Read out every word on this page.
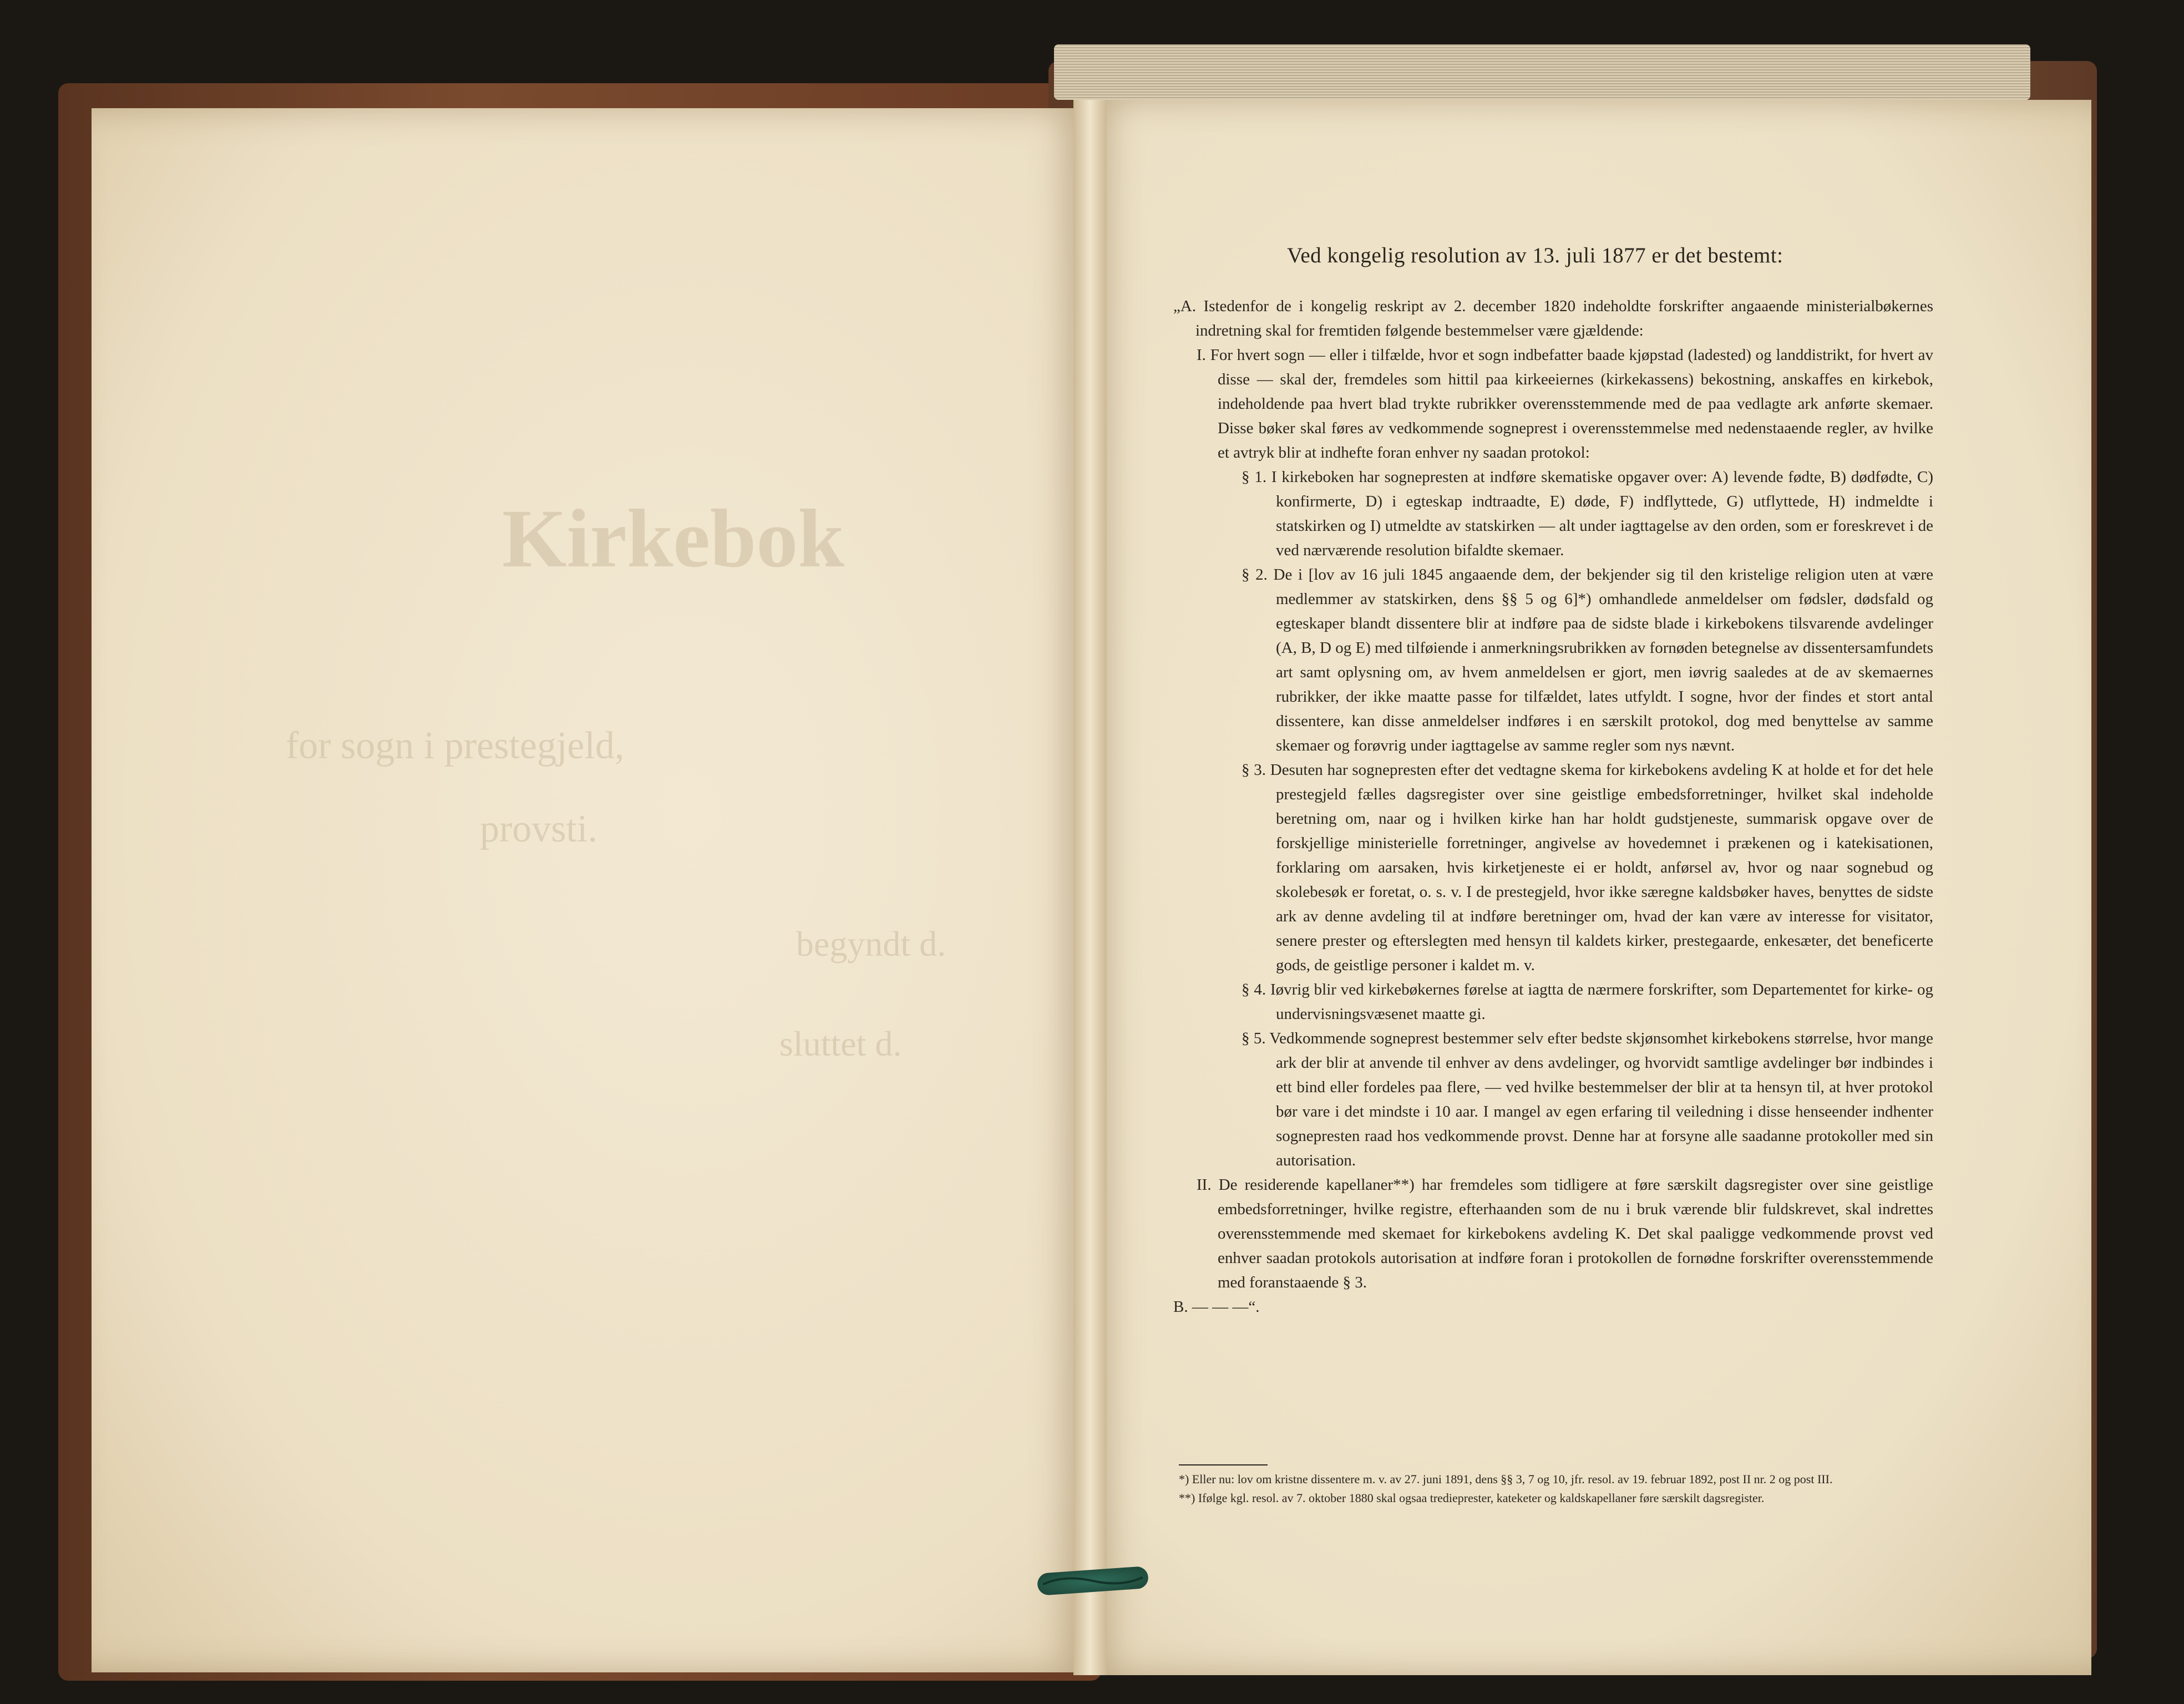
Kirkebok
for sogn i prestegjeld,
provsti.
begyndt d.
sluttet d.
Ved kongelig resolution av 13. juli 1877 er det bestemt:

„A. Istedenfor de i kongelig reskript av 2. december 1820 indeholdte forskrifter angaaende ministerialbøkernes indretning skal for fremtiden følgende bestemmelser være gjældende:

I. For hvert sogn — eller i tilfælde, hvor et sogn indbefatter baade kjøpstad (ladested) og landdistrikt, for hvert av disse — skal der, fremdeles som hittil paa kirkeeiernes (kirkekassens) bekostning, anskaffes en kirkebok, indeholdende paa hvert blad trykte rubrikker overensstemmende med de paa vedlagte ark anførte skemaer. Disse bøker skal føres av vedkommende sogneprest i overensstemmelse med nedenstaaende regler, av hvilke et avtryk blir at indhefte foran enhver ny saadan protokol:

§ 1. I kirkeboken har sognepresten at indføre skematiske opgaver over: A) levende fødte, B) dødfødte, C) konfirmerte, D) i egteskap indtraadte, E) døde, F) indflyttede, G) utflyttede, H) indmeldte i statskirken og I) utmeldte av statskirken — alt under iagttagelse av den orden, som er foreskrevet i de ved nærværende resolution bifaldte skemaer.

§ 2. De i [lov av 16 juli 1845 angaaende dem, der bekjender sig til den kristelige religion uten at være medlemmer av statskirken, dens §§ 5 og 6]*) omhandlede anmeldelser om fødsler, dødsfald og egteskaper blandt dissentere blir at indføre paa de sidste blade i kirkebokens tilsvarende avdelinger (A, B, D og E) med tilføiende i anmerkningsrubrikken av fornøden betegnelse av dissentersamfundets art samt oplysning om, av hvem anmeldelsen er gjort, men iøvrig saaledes at de av skemaernes rubrikker, der ikke maatte passe for tilfældet, lates utfyldt. I sogne, hvor der findes et stort antal dissentere, kan disse anmeldelser indføres i en særskilt protokol, dog med benyttelse av samme skemaer og forøvrig under iagttagelse av samme regler som nys nævnt.

§ 3. Desuten har sognepresten efter det vedtagne skema for kirkebokens avdeling K at holde et for det hele prestegjeld fælles dagsregister over sine geistlige embedsforretninger, hvilket skal indeholde beretning om, naar og i hvilken kirke han har holdt gudstjeneste, summarisk opgave over de forskjellige ministerielle forretninger, angivelse av hovedemnet i prækenen og i katekisationen, forklaring om aarsaken, hvis kirketjeneste ei er holdt, anførsel av, hvor og naar sognebud og skolebesøk er foretat, o. s. v. I de prestegjeld, hvor ikke særegne kaldsbøker haves, benyttes de sidste ark av denne avdeling til at indføre beretninger om, hvad der kan være av interesse for visitator, senere prester og efterslegten med hensyn til kaldets kirker, prestegaarde, enkesæter, det beneficerte gods, de geistlige personer i kaldet m. v.

§ 4. Iøvrig blir ved kirkebøkernes førelse at iagtta de nærmere forskrifter, som Departementet for kirke- og undervisningsvæsenet maatte gi.

§ 5. Vedkommende sogneprest bestemmer selv efter bedste skjønsomhet kirkebokens størrelse, hvor mange ark der blir at anvende til enhver av dens avdelinger, og hvorvidt samtlige avdelinger bør indbindes i ett bind eller fordeles paa flere, — ved hvilke bestemmelser der blir at ta hensyn til, at hver protokol bør vare i det mindste i 10 aar. I mangel av egen erfaring til veiledning i disse henseender indhenter sognepresten raad hos vedkommende provst. Denne har at forsyne alle saadanne protokoller med sin autorisation.

II. De residerende kapellaner**) har fremdeles som tidligere at føre særskilt dagsregister over sine geistlige embedsforretninger, hvilke registre, efterhaanden som de nu i bruk værende blir fuldskrevet, skal indrettes overensstemmende med skemaet for kirkebokens avdeling K. Det skal paaligge vedkommende provst ved enhver saadan protokols autorisation at indføre foran i protokollen de fornødne forskrifter overensstemmende med foranstaaende § 3.

B. — — —“.

*) Eller nu: lov om kristne dissentere m. v. av 27. juni 1891, dens §§ 3, 7 og 10, jfr. resol. av 19. februar 1892, post II nr. 2 og post III.

**) Ifølge kgl. resol. av 7. oktober 1880 skal ogsaa tredieprester, kateketer og kaldskapellaner føre særskilt dagsregister.
